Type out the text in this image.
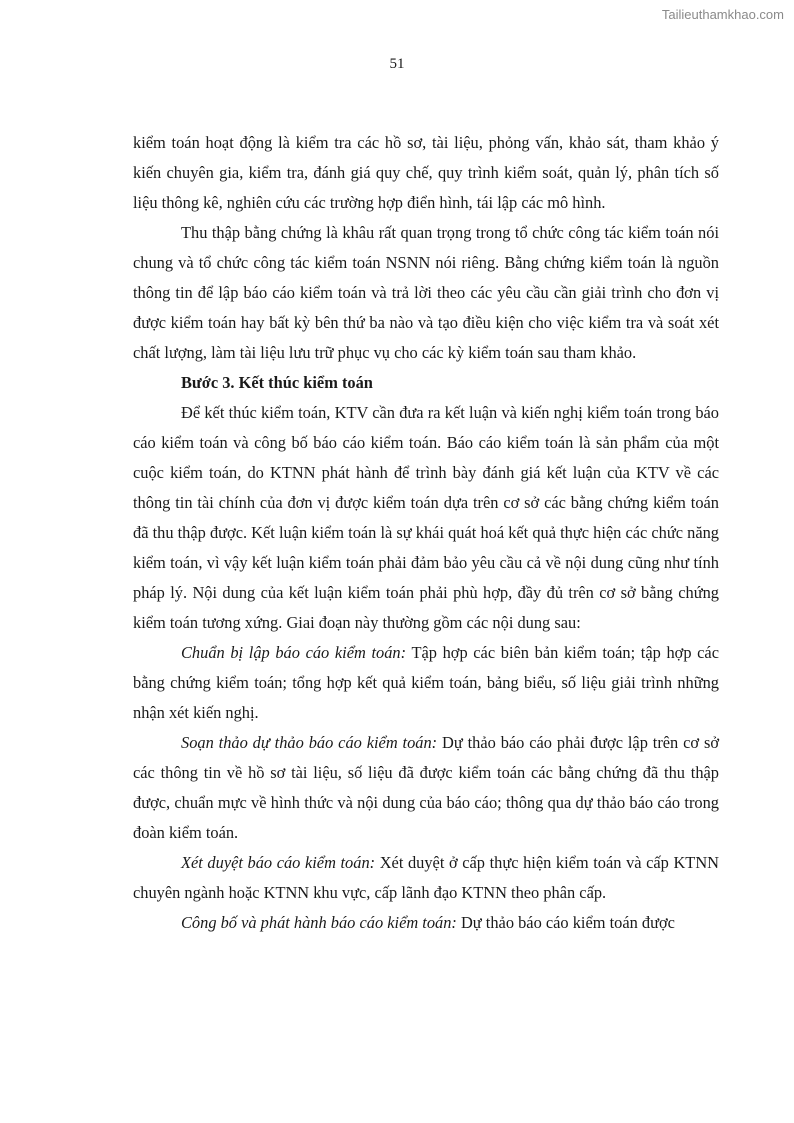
Tailieuthamkhao.com
51

kiểm toán hoạt động là kiểm tra các hồ sơ, tài liệu, phỏng vấn, khảo sát, tham khảo ý kiến chuyên gia, kiểm tra, đánh giá quy chế, quy trình kiểm soát, quản lý, phân tích số liệu thông kê, nghiên cứu các trường hợp điển hình, tái lập các mô hình.

Thu thập bằng chứng là khâu rất quan trọng trong tổ chức công tác kiểm toán nói chung và tổ chức công tác kiểm toán NSNN nói riêng. Bằng chứng kiểm toán là nguồn thông tin để lập báo cáo kiểm toán và trả lời theo các yêu cầu cần giải trình cho đơn vị được kiểm toán hay bất kỳ bên thứ ba nào và tạo điều kiện cho việc kiểm tra và soát xét chất lượng, làm tài liệu lưu trữ phục vụ cho các kỳ kiểm toán sau tham khảo.

Bước 3. Kết thúc kiểm toán

Để kết thúc kiểm toán, KTV cần đưa ra kết luận và kiến nghị kiểm toán trong báo cáo kiểm toán và công bố báo cáo kiểm toán. Báo cáo kiểm toán là sản phẩm của một cuộc kiểm toán, do KTNN phát hành để trình bày đánh giá kết luận của KTV về các thông tin tài chính của đơn vị được kiểm toán dựa trên cơ sở các bằng chứng kiểm toán đã thu thập được. Kết luận kiểm toán là sự khái quát hoá kết quả thực hiện các chức năng kiểm toán, vì vậy kết luận kiểm toán phải đảm bảo yêu cầu cả về nội dung cũng như tính pháp lý. Nội dung của kết luận kiểm toán phải phù hợp, đầy đủ trên cơ sở bằng chứng kiểm toán tương xứng. Giai đoạn này thường gồm các nội dung sau:

Chuẩn bị lập báo cáo kiểm toán: Tập hợp các biên bản kiểm toán; tập hợp các bằng chứng kiểm toán; tổng hợp kết quả kiểm toán, bảng biểu, số liệu giải trình những nhận xét kiến nghị.

Soạn thảo dự thảo báo cáo kiểm toán: Dự thảo báo cáo phải được lập trên cơ sở các thông tin về hồ sơ tài liệu, số liệu đã được kiểm toán các bằng chứng đã thu thập được, chuẩn mực về hình thức và nội dung của báo cáo; thông qua dự thảo báo cáo trong đoàn kiểm toán.

Xét duyệt báo cáo kiểm toán: Xét duyệt ở cấp thực hiện kiểm toán và cấp KTNN chuyên ngành hoặc KTNN khu vực, cấp lãnh đạo KTNN theo phân cấp.

Công bố và phát hành báo cáo kiểm toán: Dự thảo báo cáo kiểm toán được
